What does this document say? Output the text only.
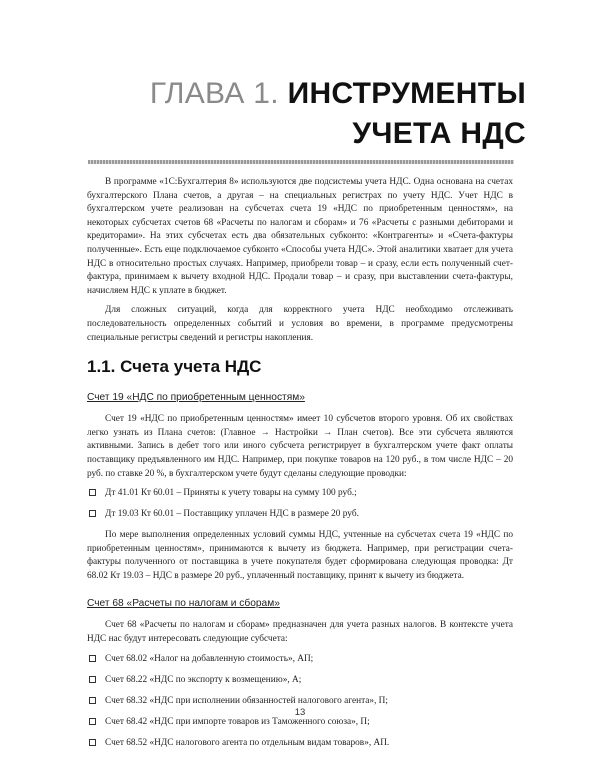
ГЛАВА 1. ИНСТРУМЕНТЫ
УЧЕТА НДС

В программе «1С:Бухгалтерия 8» используются две подсистемы учета НДС. Одна основана на счетах бухгалтерского Плана счетов, а другая – на специальных регистрах по учету НДС. Учет НДС в бухгалтерском учете реализован на субсчетах счета 19 «НДС по приобретенным ценностям», на некоторых субсчетах счетов 68 «Расчеты по налогам и сборам» и 76 «Расчеты с разными дебиторами и кредиторами». На этих субсчетах есть два обязательных субконто: «Контрагенты» и «Счета-фактуры полученные». Есть еще подключаемое субконто «Способы учета НДС». Этой аналитики хватает для учета НДС в относительно простых случаях. Например, приобрели товар – и сразу, если есть полученный счет-фактура, принимаем к вычету входной НДС. Продали товар – и сразу, при выставлении счета-фактуры, начисляем НДС к уплате в бюджет.

Для сложных ситуаций, когда для корректного учета НДС необходимо отслеживать последовательность определенных событий и условия во времени, в программе предусмотрены специальные регистры сведений и регистры накопления.

1.1. Счета учета НДС
Счет 19 «НДС по приобретенным ценностям»

Счет 19 «НДС по приобретенным ценностям» имеет 10 субсчетов второго уровня. Об их свойствах легко узнать из Плана счетов: (Главное → Настройки → План счетов). Все эти субсчета являются активными. Запись в дебет того или иного субсчета регистрирует в бухгалтерском учете факт оплаты поставщику предъявленного им НДС. Например, при покупке товаров на 120 руб., в том числе НДС – 20 руб. по ставке 20 %, в бухгалтерском учете будут сделаны следующие проводки:

Дт 41.01 Кт 60.01 – Приняты к учету товары на сумму 100 руб.;
Дт 19.03 Кт 60.01 – Поставщику уплачен НДС в размере 20 руб.

По мере выполнения определенных условий суммы НДС, учтенные на субсчетах счета 19 «НДС по приобретенным ценностям», принимаются к вычету из бюджета. Например, при регистрации счета-фактуры полученного от поставщика в учете покупателя будет сформирована следующая проводка: Дт 68.02 Кт 19.03 – НДС в размере 20 руб., уплаченный поставщику, принят к вычету из бюджета.

Счет 68 «Расчеты по налогам и сборам»

Счет 68 «Расчеты по налогам и сборам» предназначен для учета разных налогов. В контексте учета НДС нас будут интересовать следующие субсчета:

Счет 68.02 «Налог на добавленную стоимость», АП;
Счет 68.22 «НДС по экспорту к возмещению», А;
Счет 68.32 «НДС при исполнении обязанностей налогового агента», П;
Счет 68.42 «НДС при импорте товаров из Таможенного союза», П;
Счет 68.52 «НДС налогового агента по отдельным видам товаров», АП.
13
